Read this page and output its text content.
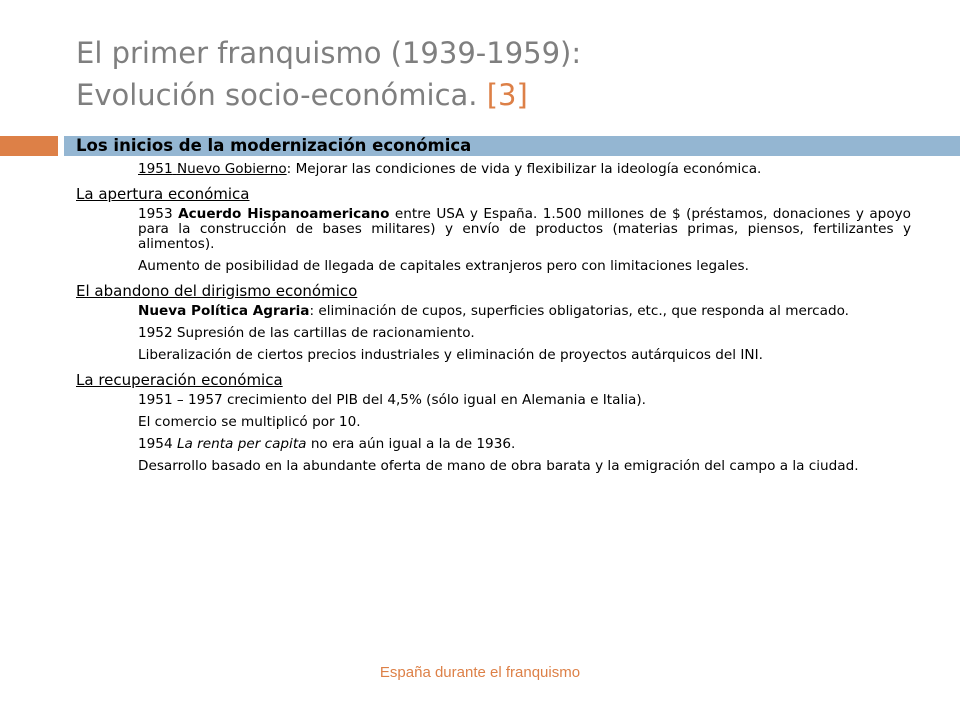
El primer franquismo (1939-1959):
Evolución socio-económica. [3]
Los inicios de la modernización económica

1951 Nuevo Gobierno: Mejorar las condiciones de vida y flexibilizar la ideología económica.

La apertura económica

1953 Acuerdo Hispanoamericano entre USA y España. 1.500 millones de $ (préstamos, donaciones y apoyo para la construcción de bases militares) y envío de productos (materias primas, piensos, fertilizantes y alimentos).

Aumento de posibilidad de llegada de capitales extranjeros pero con limitaciones legales.

El abandono del dirigismo económico

Nueva Política Agraria: eliminación de cupos, superficies obligatorias, etc., que responda al mercado.

1952 Supresión de las cartillas de racionamiento.

Liberalización de ciertos precios industriales y eliminación de proyectos autárquicos del INI.

La recuperación económica

1951 – 1957 crecimiento del PIB del 4,5% (sólo igual en Alemania e Italia).

El comercio se multiplicó por 10.

1954 La renta per capita no era aún igual a la de 1936.

Desarrollo basado en la abundante oferta de mano de obra barata y la emigración del campo a la ciudad.

España durante el franquismo
